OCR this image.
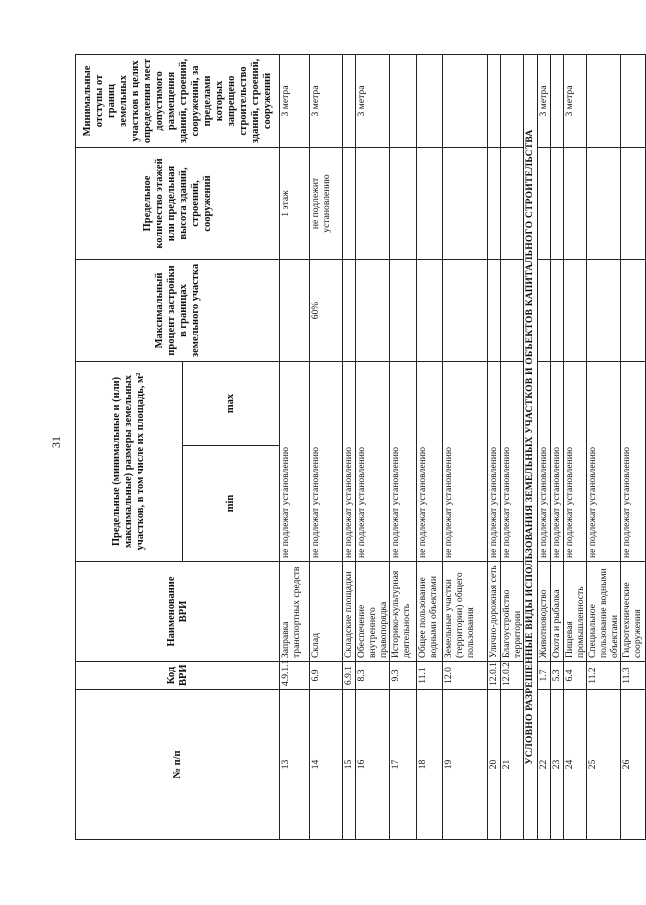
31
№ п/п	Код ВРИ	Наименование ВРИ	Предельные (минимальные и (или) максимальные) размеры земельных участков, в том числе их площадь, м²		Максимальный процент застройки в границах земельного участка	Предельное количество этажей или предельная высота зданий, строений, сооружений	Минимальные отступы от границ земельных участков в целях определения мест допустимого размещения зданий, строений, сооружений, за пределами которых запрещено строительство зданий, строений, сооружений
			min	max			
13	4.9.1.1	Заправка транспортных средств	не подлежат установлению			1 этаж	3 метра
14	6.9	Склад	не подлежат установлению		60%	не подлежит установлению	3 метра
15	6.9.1	Складские площадки	не подлежат установлению				
16	8.3	Обеспечение внутреннего правопорядка	не подлежат установлению				3 метра
17	9.3	Историко-культурная деятельность	не подлежат установлению				
18	11.1	Общее пользование водными объектами	не подлежат установлению				
19	12.0	Земельные участки (территории) общего пользования	не подлежат установлению				
20	12.0.1	Улично-дорожная сеть	не подлежат установлению				
21	12.0.2	Благоустройство территории	не подлежат установлению				
УСЛОВНО РАЗРЕШЕННЫЕ ВИДЫ ИСПОЛЬЗОВАНИЯ ЗЕМЕЛЬНЫХ УЧАСТКОВ И ОБЪЕКТОВ КАПИТАЛЬНОГО СТРОИТЕЛЬСТВА							
22	1.7	Животноводство	не подлежат установлению				3 метра
23	5.3	Охота и рыбалка	не подлежат установлению				
24	6.4	Пищевая промышленность	не подлежат установлению				3 метра
25	11.2	Специальное пользование водными объектами	не подлежат установлению				
26	11.3	Гидротехнические сооружения	не подлежат установлению				
